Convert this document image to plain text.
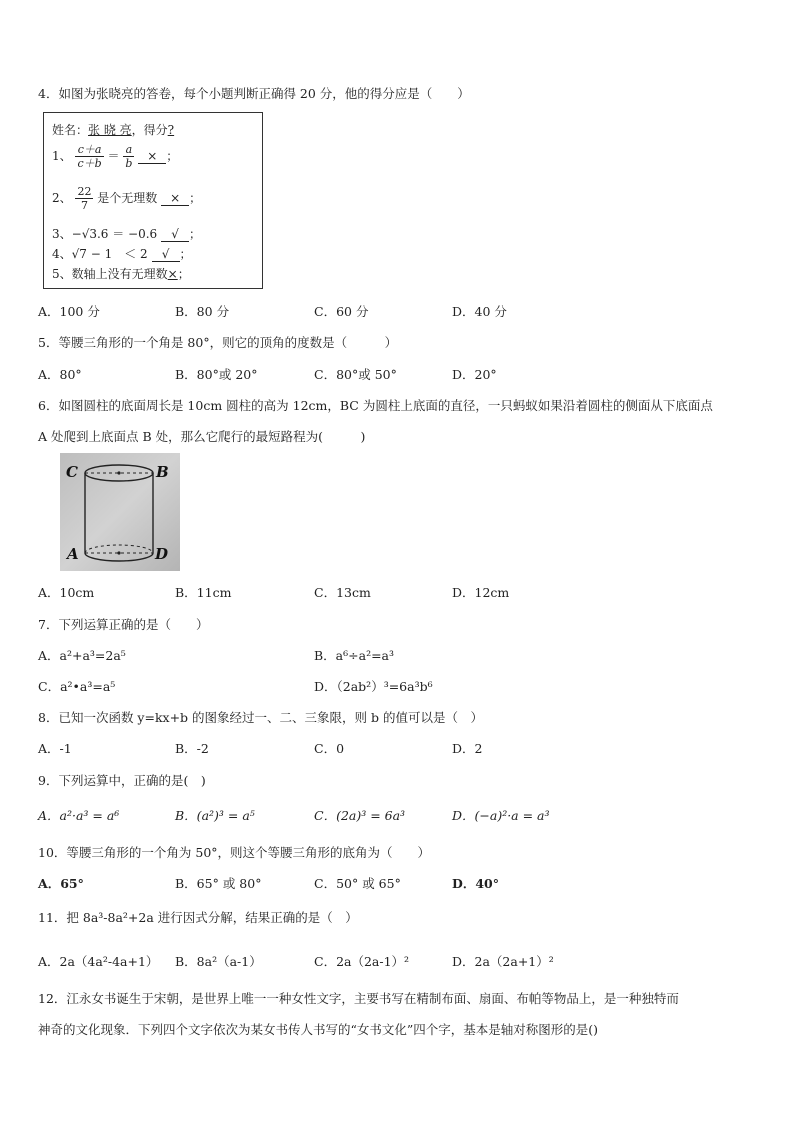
4．如图为张晓亮的答卷，每个小题判断正确得 20 分，他的得分应是（　　）
姓名：张 晓 亮，得分?
1、 $\frac{c+a}{c+b} = \frac{a}{b}$ × ；
2、 $\frac{22}{7}$ 是个无理数 × ；
3、−√3.6 ＝ −0.6 √ ；
4、√7 − 1　＜ 2 √ ；
5、数轴上没有无理数×；
A．100 分	B．80 分	C．60 分	D．40 分
5．等腰三角形的一个角是 80°，则它的顶角的度数是（　　　）
A．80°	B．80°或 20°	C．80°或 50°	D．20°
6．如图圆柱的底面周长是 10cm 圆柱的高为 12cm，BC 为圆柱上底面的直径，一只蚂蚁如果沿着圆柱的侧面从下底面点
A 处爬到上底面点 B 处，那么它爬行的最短路程为(　　　)
C	B
A	D
A．10cm	B．11cm	C．13cm	D．12cm
7．下列运算正确的是（　　）
A．a²+a³=2a⁵	B．a⁶÷a²=a³
C．a²•a³=a⁵	D．（2ab²）³=6a³b⁶
8．已知一次函数 y=kx+b 的图象经过一、二、三象限，则 b 的值可以是（　）
A．-1	B．-2	C．0	D．2
9．下列运算中，正确的是(　)
A．a²·a³ = a⁶	B．(a²)³ = a⁵	C．(2a)³ = 6a³	D．(−a)²·a = a³
10．等腰三角形的一个角为 50°，则这个等腰三角形的底角为（　　）
A．65°	B．65° 或 80°	C．50° 或 65°	D．40°
11．把 8a³-8a²+2a 进行因式分解，结果正确的是（　）
A．2a（4a²-4a+1） B．8a²（a-1）	C．2a（2a-1）²	D．2a（2a+1）²
12．江永女书诞生于宋朝，是世界上唯一一种女性文字，主要书写在精制布面、扇面、布帕等物品上，是一种独特而
神奇的文化现象．下列四个文字依次为某女书传人书写的“女书文化”四个字，基本是轴对称图形的是()
